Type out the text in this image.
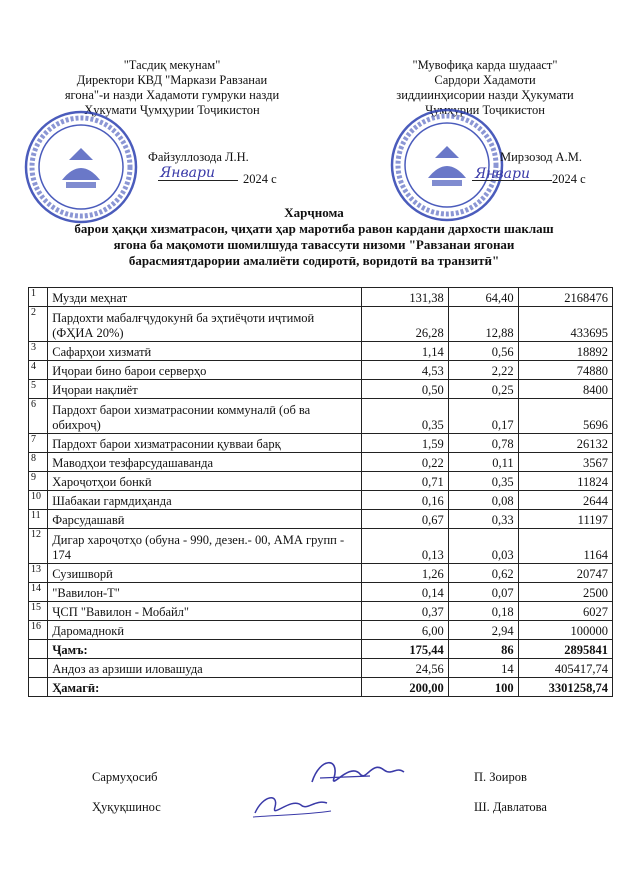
"Тасдиқ мекунам"
Директори КВД "Маркази Равзанаи
ягона"-и назди Хадамоти гумруки назди
Ҳукумати Ҷумҳурии Тоҷикистон
"Мувофиқа карда шудааст"
Сардори Хадамоти
зиддиинҳисории назди Ҳукумати
Ҷумҳурии Тоҷикистон
Файзуллозода Л.Н.	Мирзозод А.М.
Январи 2024 с	Январи 2024 с
Харҷнома
барои ҳаққи хизматрасон, ҷиҳати ҳар маротиба равон кардани дархости шаклаш
ягона ба мақомоти шомилшуда тавассути низоми "Равзанаи ягонаи
барасмиятдарории амалиёти содиротӣ, воридотӣ ва транзитӣ"
1	Музди меҳнат	131,38	64,40	2168476
2	Пардохти мабалғҷудокунӣ ба эҳтиёҷоти иҷтимоӣ (ФҲИА 20%)	26,28	12,88	433695
3	Сафарҳои хизматӣ	1,14	0,56	18892
4	Иҷораи бино барои серверҳо	4,53	2,22	74880
5	Иҷораи нақлиёт	0,50	0,25	8400
6	Пардохт барои хизматрасонии коммуналӣ (об ва обихроҷ)	0,35	0,17	5696
7	Пардохт барои хизматрасонии қувваи барқ	1,59	0,78	26132
8	Маводҳои тезфарсудашаванда	0,22	0,11	3567
9	Хароҷотҳои бонкӣ	0,71	0,35	11824
10	Шабакаи гармдиҳанда	0,16	0,08	2644
11	Фарсудашавӣ	0,67	0,33	11197
12	Дигар хароҷотҳо (обуна - 990, дезен.- 00, АМА групп - 174	0,13	0,03	1164
13	Сузишворӣ	1,26	0,62	20747
14	"Вавилон-Т"	0,14	0,07	2500
15	ҶСП "Вавилон - Мобайл"	0,37	0,18	6027
16	Даромаднокӣ	6,00	2,94	100000
	Ҷамъ:	175,44	86	2895841
	Андоз аз арзиши иловашуда	24,56	14	405417,74
	Ҳамагӣ:	200,00	100	3301258,74
Сармуҳосиб	П. Зоиров
Ҳуқуқшинос	Ш. Давлатова
